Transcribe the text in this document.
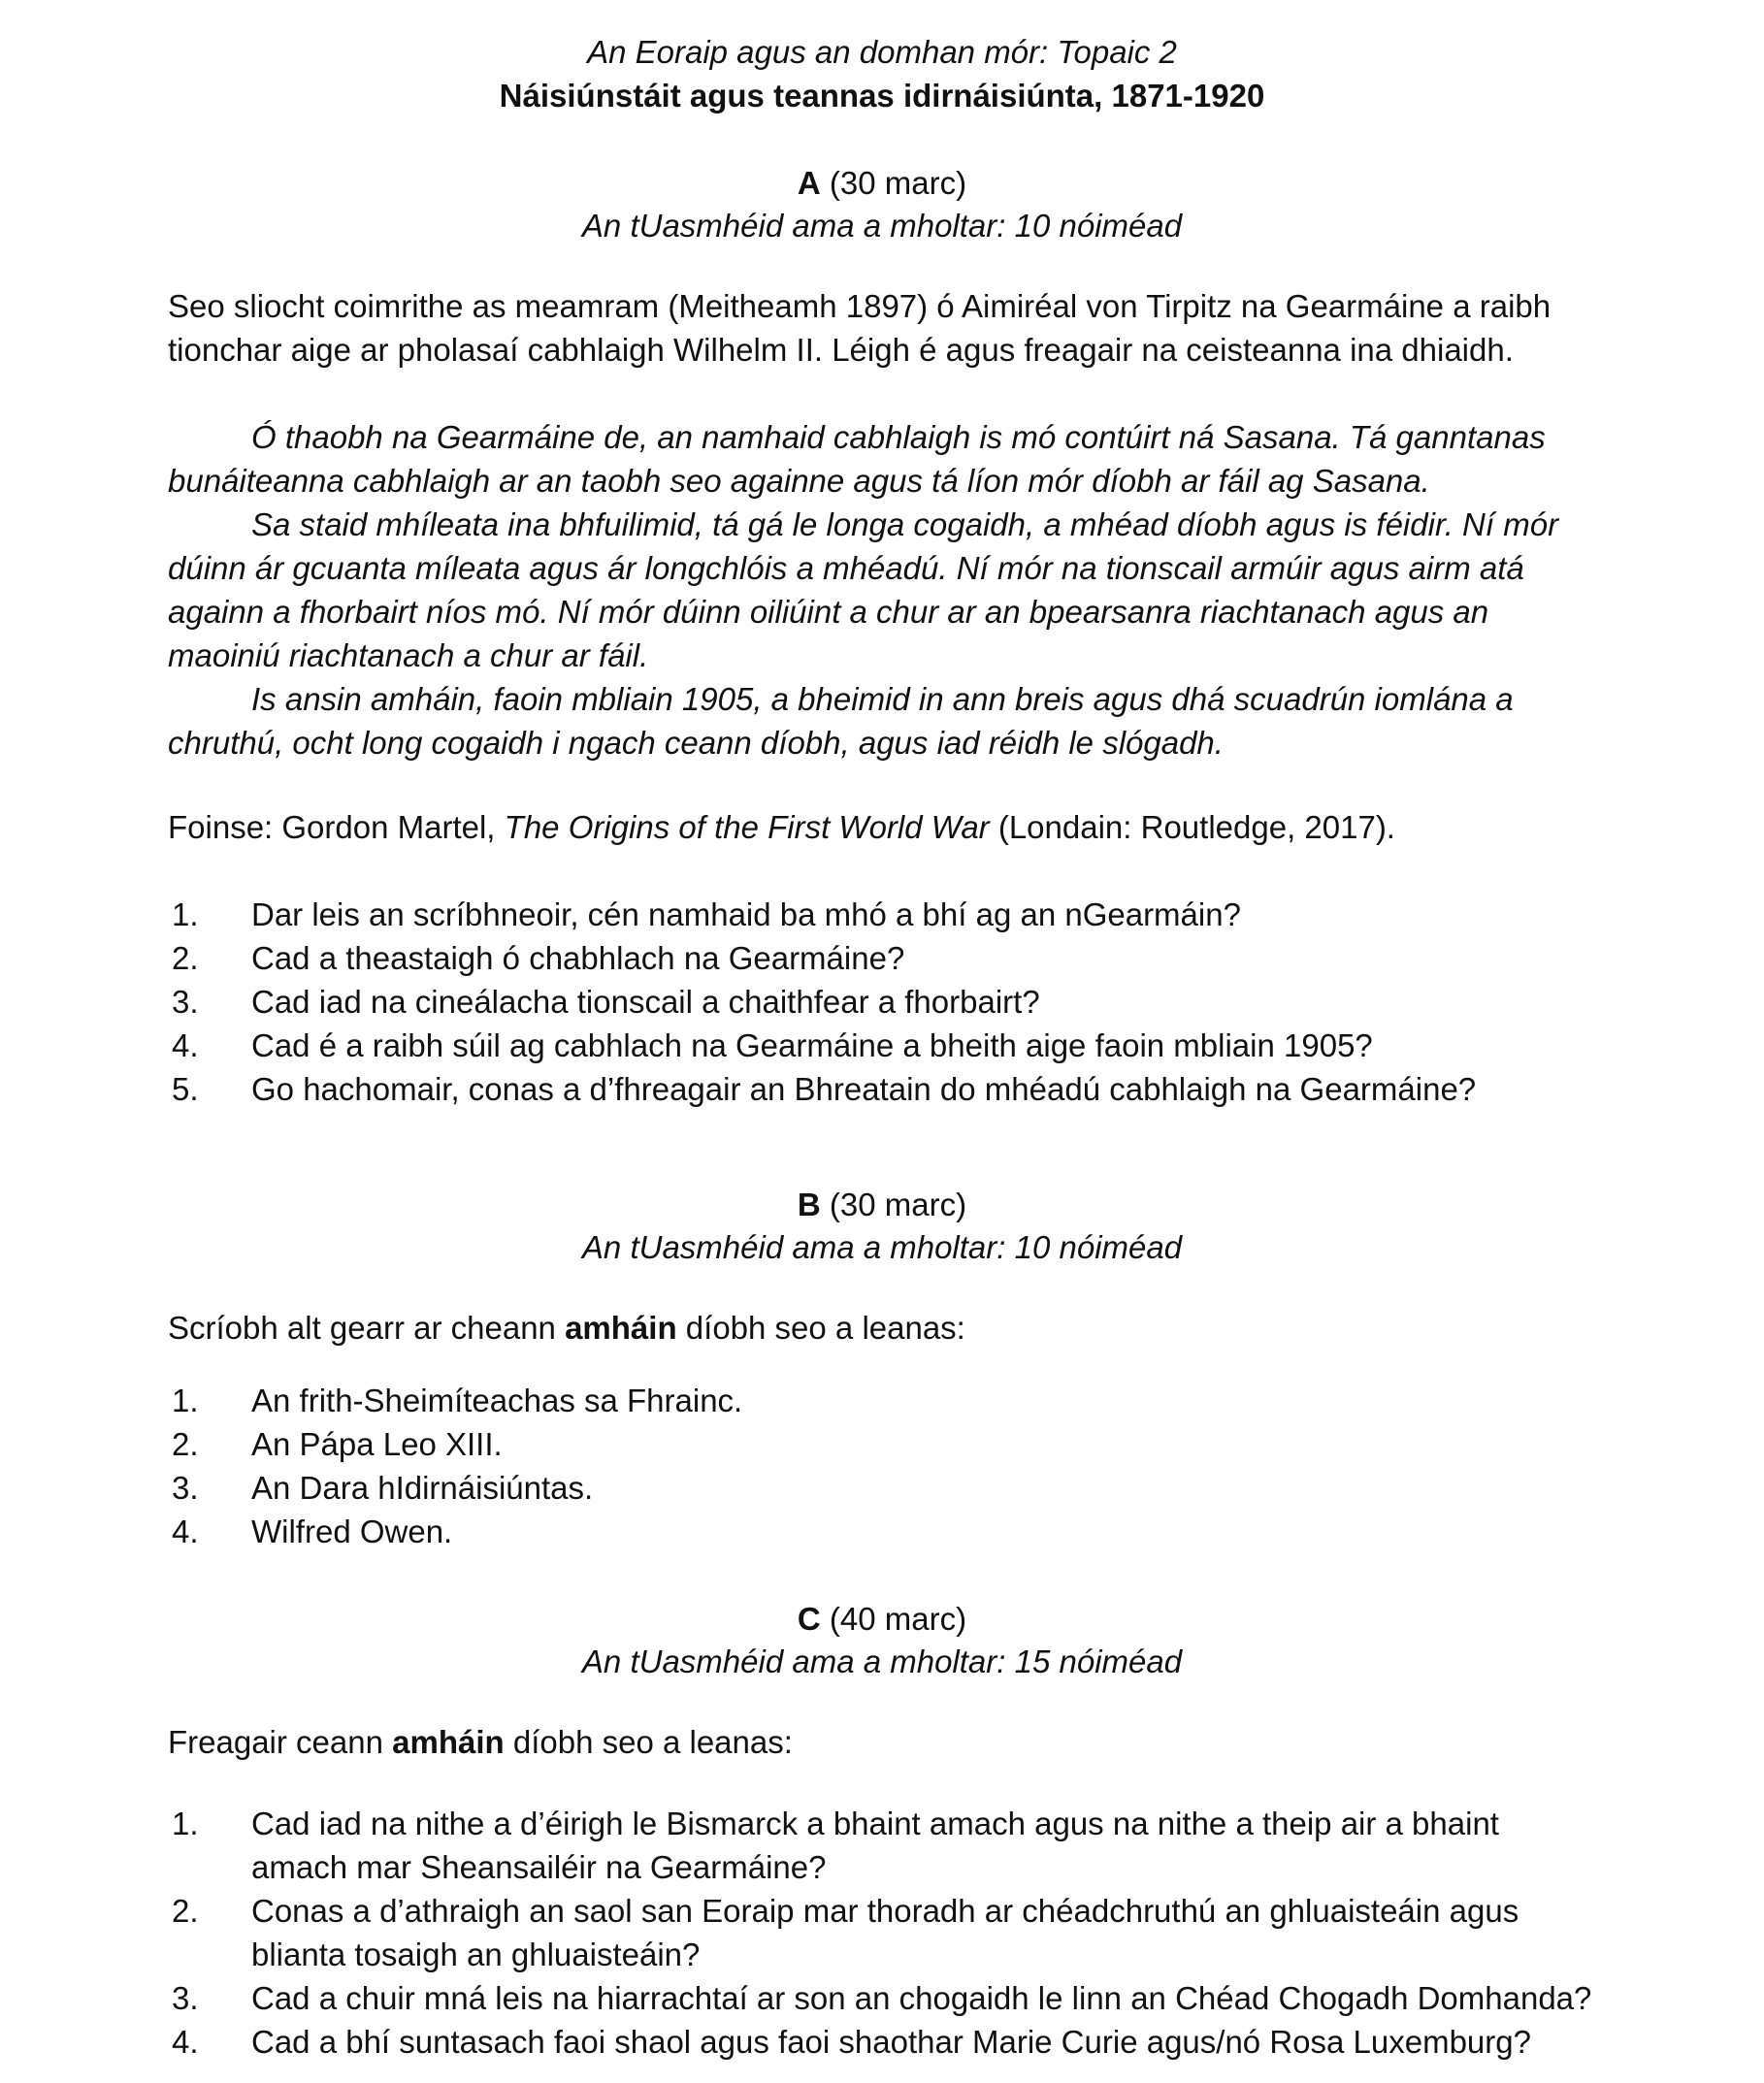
An Eoraip agus an domhan mór: Topaic 2
Náisiúnstáit agus teannas idirnáisiúnta, 1871-1920
A (30 marc)
An tUasmhéid ama a mholtar: 10 nóiméad

Seo sliocht coimrithe as meamram (Meitheamh 1897) ó Aimiréal von Tirpitz na Gearmáine a raibh tionchar aige ar pholasaí cabhlaigh Wilhelm II. Léigh é agus freagair na ceisteanna ina dhiaidh.

Ó thaobh na Gearmáine de, an namhaid cabhlaigh is mó contúirt ná Sasana. Tá ganntanas bunáiteanna cabhlaigh ar an taobh seo againne agus tá líon mór díobh ar fáil ag Sasana.

Sa staid mhíleata ina bhfuilimid, tá gá le longa cogaidh, a mhéad díobh agus is féidir. Ní mór dúinn ár gcuanta míleata agus ár longchlóis a mhéadú. Ní mór na tionscail armúir agus airm atá againn a fhorbairt níos mó. Ní mór dúinn oiliúint a chur ar an bpearsanra riachtanach agus an maoiniú riachtanach a chur ar fáil.

Is ansin amháin, faoin mbliain 1905, a bheimid in ann breis agus dhá scuadrún iomlána a chruthú, ocht long cogaidh i ngach ceann díobh, agus iad réidh le slógadh.

Foinse: Gordon Martel, The Origins of the First World War (Londain: Routledge, 2017).

1. Dar leis an scríbhneoir, cén namhaid ba mhó a bhí ag an nGearmáin?
2. Cad a theastaigh ó chabhlach na Gearmáine?
3. Cad iad na cineálacha tionscail a chaithfear a fhorbairt?
4. Cad é a raibh súil ag cabhlach na Gearmáine a bheith aige faoin mbliain 1905?
5. Go hachomair, conas a d’fhreagair an Bhreatain do mhéadú cabhlaigh na Gearmáine?
B (30 marc)
An tUasmhéid ama a mholtar: 10 nóiméad

Scríobh alt gearr ar cheann amháin díobh seo a leanas:

1. An frith-Sheimíteachas sa Fhrainc.
2. An Pápa Leo XIII.
3. An Dara hIdirnáisiúntas.
4. Wilfred Owen.
C (40 marc)
An tUasmhéid ama a mholtar: 15 nóiméad

Freagair ceann amháin díobh seo a leanas:

1. Cad iad na nithe a d’éirigh le Bismarck a bhaint amach agus na nithe a theip air a bhaint amach mar Sheansailéir na Gearmáine?
2. Conas a d’athraigh an saol san Eoraip mar thoradh ar chéadchruthú an ghluaisteáin agus blianta tosaigh an ghluaisteáin?
3. Cad a chuir mná leis na hiarrachtaí ar son an chogaidh le linn an Chéad Chogadh Domhanda?
4. Cad a bhí suntasach faoi shaol agus faoi shaothar Marie Curie agus/nó Rosa Luxemburg?
